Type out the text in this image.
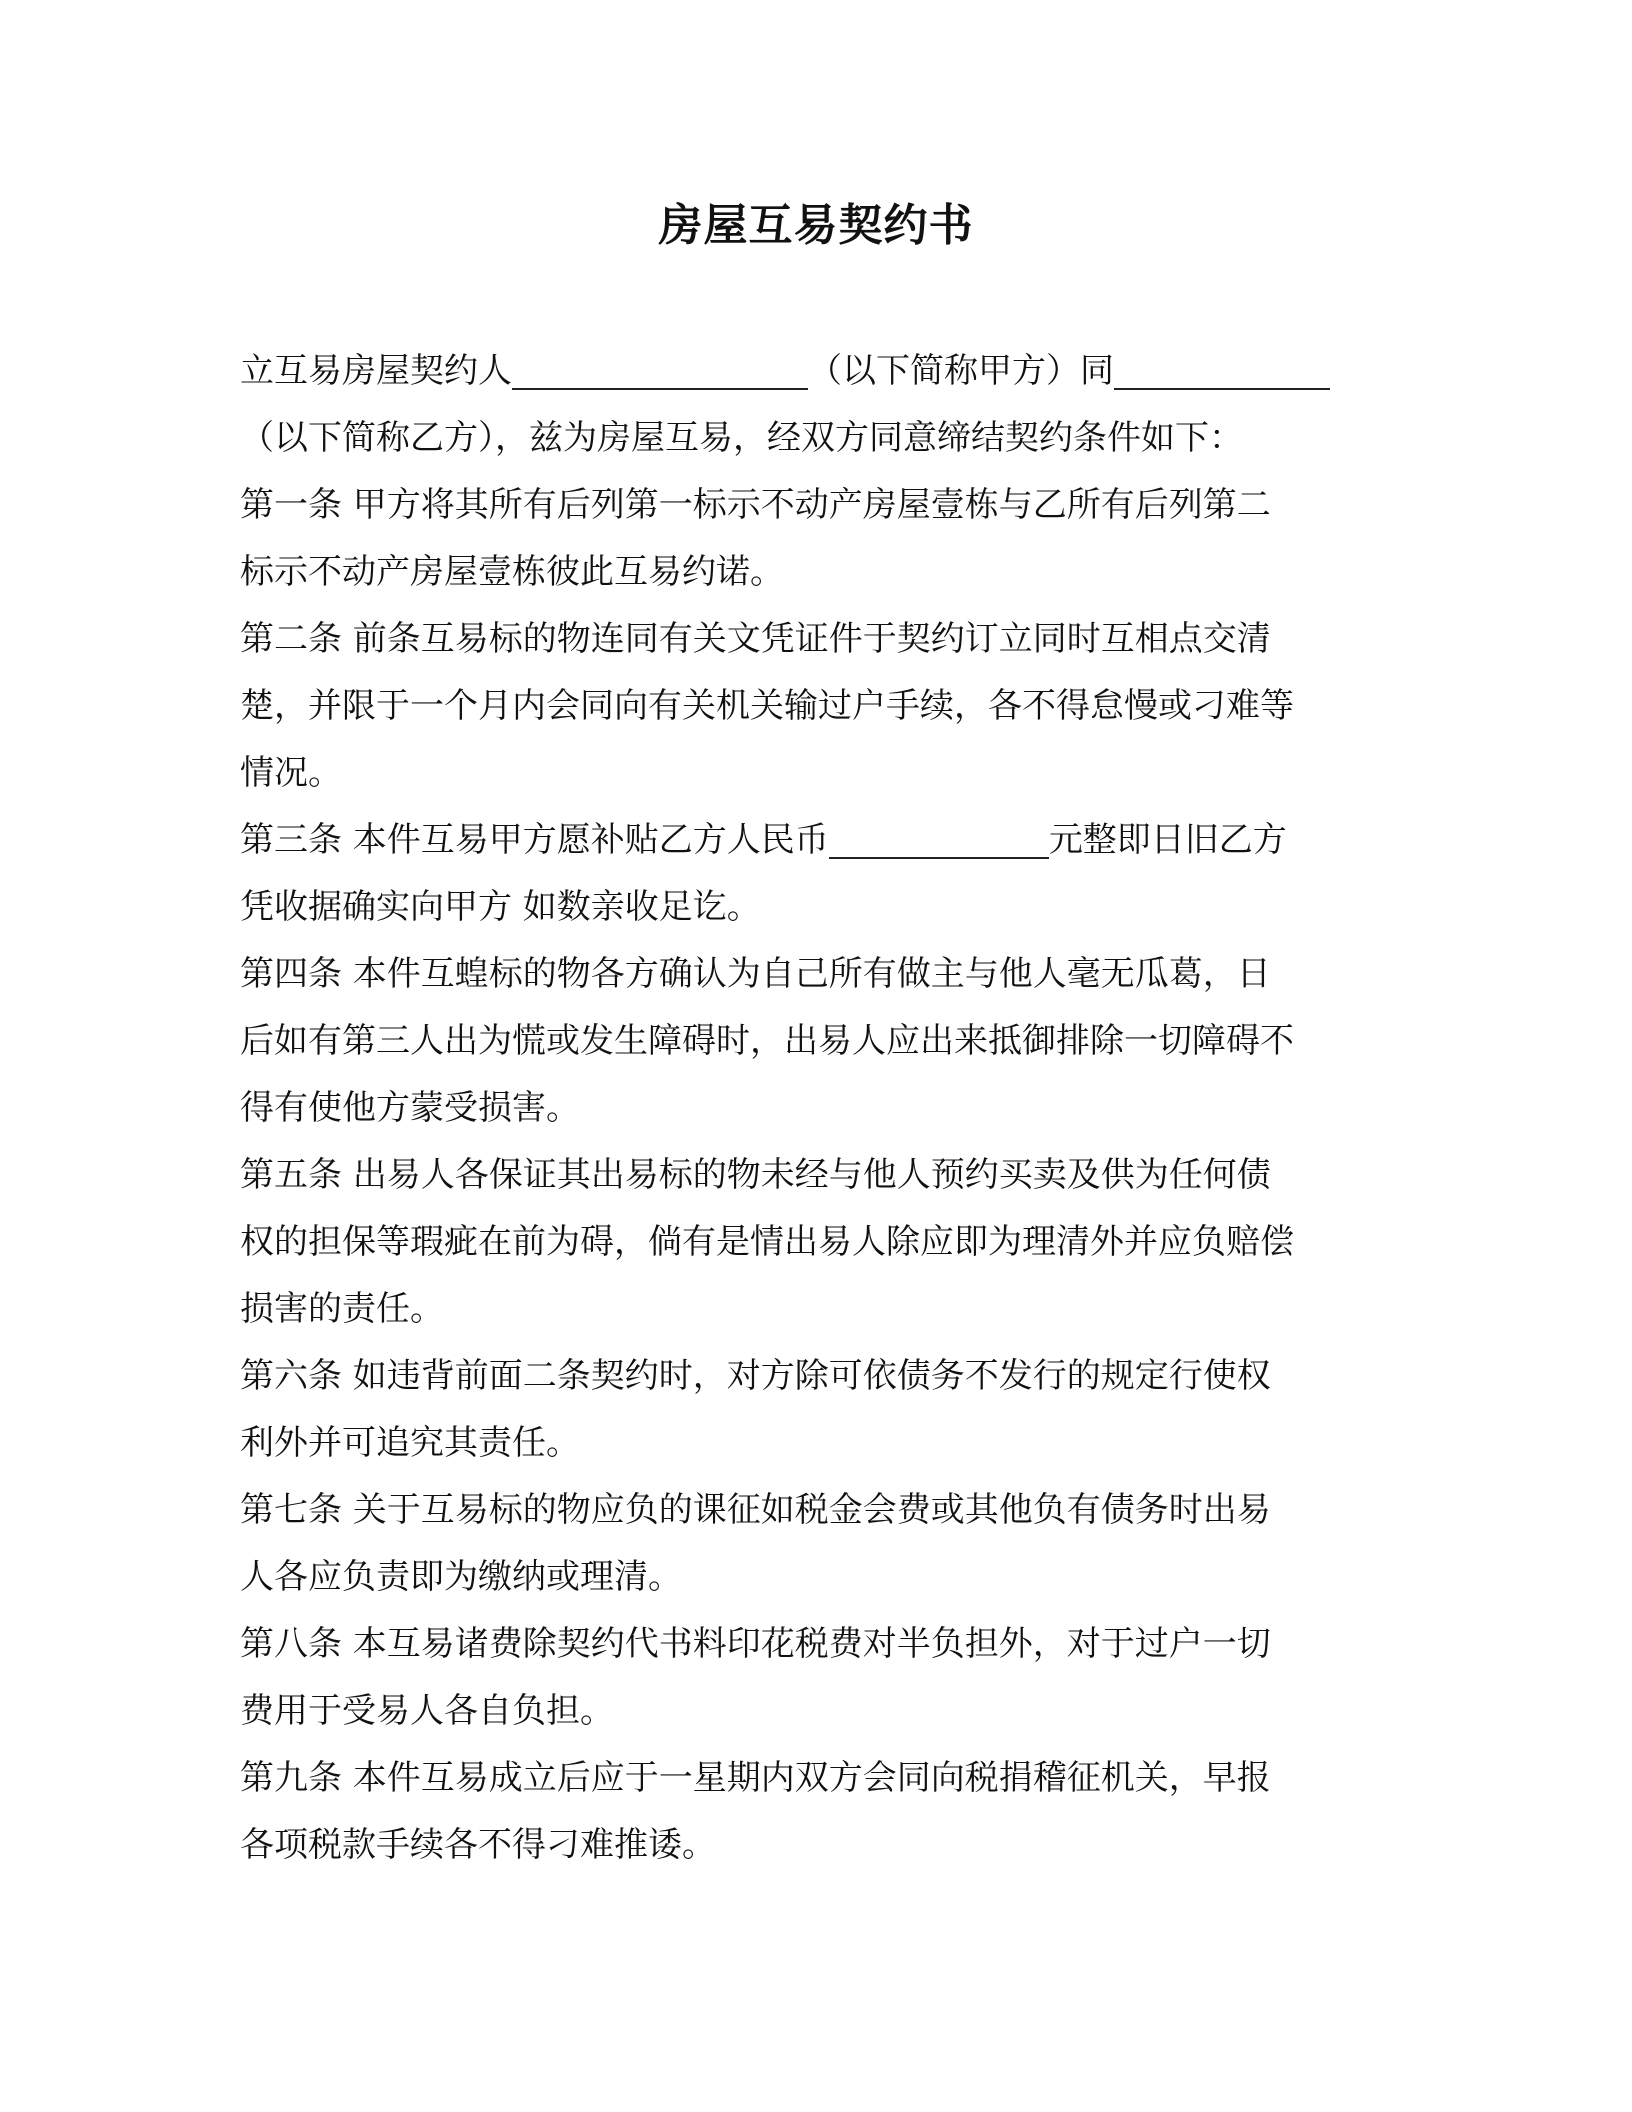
房屋互易契约书
立互易房屋契约人	（以下简称甲方）同
（以下简称乙方），兹为房屋互易，经双方同意缔结契约条件如下：
第一条 甲方将其所有后列第一标示不动产房屋壹栋与乙所有后列第二
标示不动产房屋壹栋彼此互易约诺。
第二条 前条互易标的物连同有关文凭证件于契约订立同时互相点交清
楚，并限于一个月内会同向有关机关输过户手续，各不得怠慢或刁难等
情况。
第三条 本件互易甲方愿补贴乙方人民币	元整即日旧乙方
凭收据确实向甲方 如数亲收足讫。
第四条 本件互蝗标的物各方确认为自己所有做主与他人毫无瓜葛，日
后如有第三人出为慌或发生障碍时，出易人应出来抵御排除一切障碍不
得有使他方蒙受损害。
第五条 出易人各保证其出易标的物未经与他人预约买卖及供为任何债
权的担保等瑕疵在前为碍，倘有是情出易人除应即为理清外并应负赔偿
损害的责任。
第六条 如违背前面二条契约时，对方除可依债务不发行的规定行使权
利外并可追究其责任。
第七条 关于互易标的物应负的课征如税金会费或其他负有债务时出易
人各应负责即为缴纳或理清。
第八条 本互易诸费除契约代书料印花税费对半负担外，对于过户一切
费用于受易人各自负担。
第九条 本件互易成立后应于一星期内双方会同向税捐稽征机关，早报
各项税款手续各不得刁难推诿。
